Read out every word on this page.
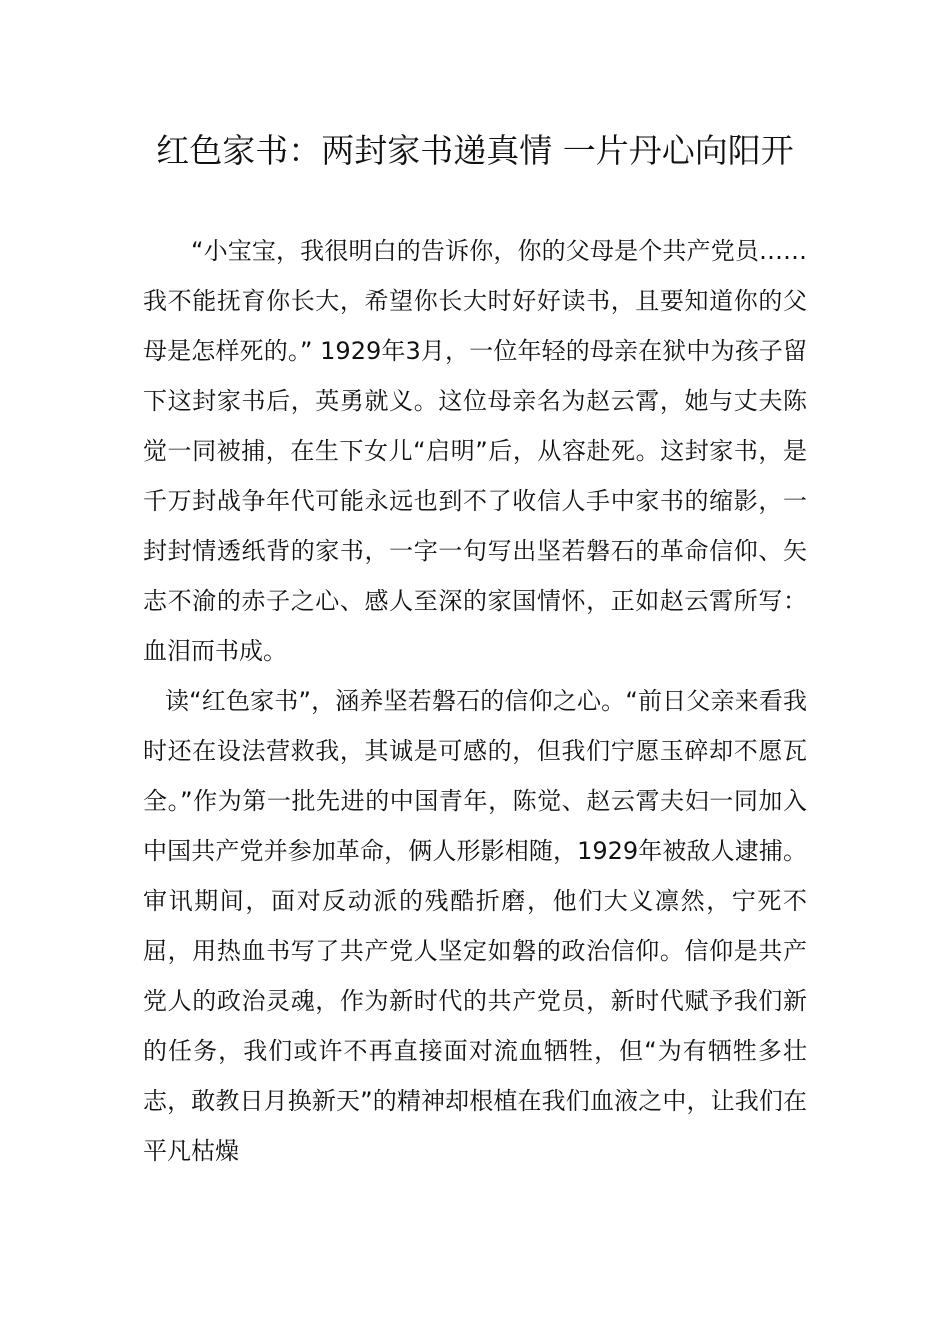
红色家书：两封家书递真情 一片丹心向阳开

“小宝宝，我很明白的告诉你，你的父母是个共产党员……我不能抚育你长大，希望你长大时好好读书，且要知道你的父母是怎样死的。” 1929年3月，一位年轻的母亲在狱中为孩子留下这封家书后，英勇就义。这位母亲名为赵云霄，她与丈夫陈觉一同被捕，在生下女儿“启明”后，从容赴死。这封家书，是千万封战争年代可能永远也到不了收信人手中家书的缩影，一封封情透纸背的家书，一字一句写出坚若磐石的革命信仰、矢志不渝的赤子之心、感人至深的家国情怀，正如赵云霄所写：血泪而书成。

读“红色家书”，涵养坚若磐石的信仰之心。“前日父亲来看我时还在设法营救我，其诚是可感的，但我们宁愿玉碎却不愿瓦全。”作为第一批先进的中国青年，陈觉、赵云霄夫妇一同加入中国共产党并参加革命，俩人形影相随，1929年被敌人逮捕。审讯期间，面对反动派的残酷折磨，他们大义凛然，宁死不屈，用热血书写了共产党人坚定如磐的政治信仰。信仰是共产党人的政治灵魂，作为新时代的共产党员，新时代赋予我们新的任务，我们或许不再直接面对流血牺牲，但“为有牺牲多壮志，敢教日月换新天”的精神却根植在我们血液之中，让我们在平凡枯燥
